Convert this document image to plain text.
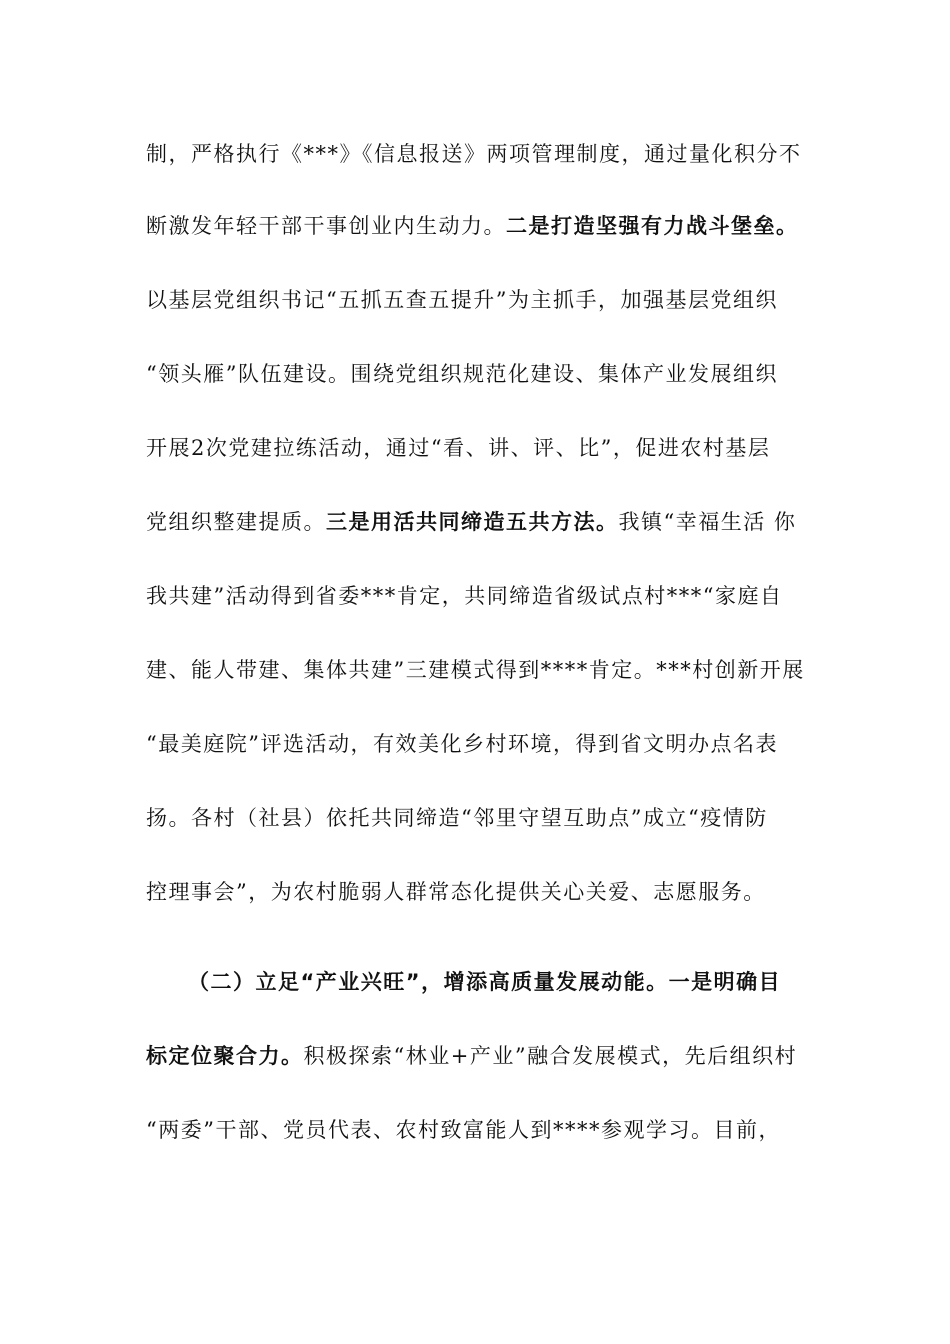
制，严格执行《***》《信息报送》两项管理制度，通过量化积分不
断激发年轻干部干事创业内生动力。二是打造坚强有力战斗堡垒。
以基层党组织书记“五抓五查五提升”为主抓手，加强基层党组织
“领头雁”队伍建设。围绕党组织规范化建设、集体产业发展组织
开展2次党建拉练活动，通过“看、讲、评、比”，促进农村基层
党组织整建提质。三是用活共同缔造五共方法。我镇“幸福生活 你
我共建”活动得到省委***肯定，共同缔造省级试点村***“家庭自
建、能人带建、集体共建”三建模式得到****肯定。***村创新开展
“最美庭院”评选活动，有效美化乡村环境，得到省文明办点名表
扬。各村（社县）依托共同缔造“邻里守望互助点”成立“疫情防
控理事会”，为农村脆弱人群常态化提供关心关爱、志愿服务。
（二）立足“产业兴旺”，增添高质量发展动能。一是明确目
标定位聚合力。积极探索“林业+产业”融合发展模式，先后组织村
“两委”干部、党员代表、农村致富能人到****参观学习。目前，
